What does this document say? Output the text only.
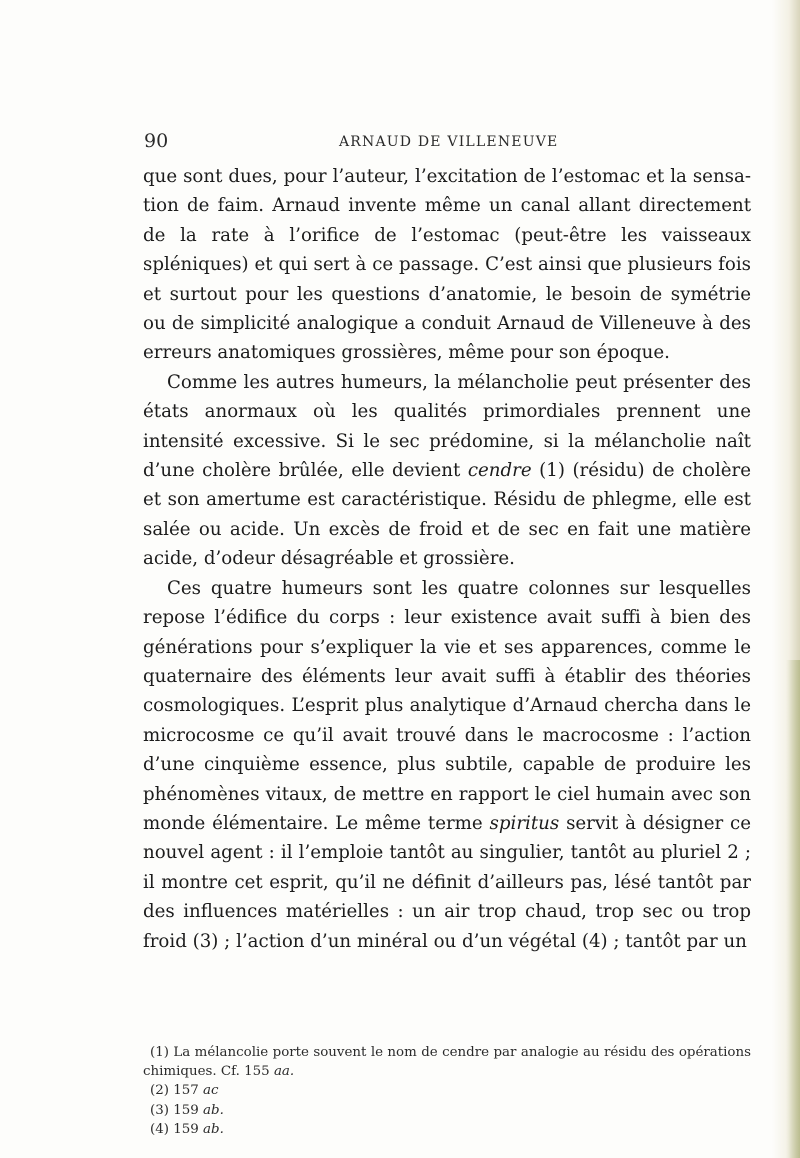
90	ARNAUD DE VILLENEUVE

que sont dues, pour l’auteur, l’excitation de l’estomac et la sensation de faim. Arnaud invente même un canal allant directement de la rate à l’orifice de l’estomac (peut-être les vaisseaux spléniques) et qui sert à ce passage. C’est ainsi que plusieurs fois et surtout pour les questions d’anatomie, le besoin de symétrie ou de simplicité analogique a conduit Arnaud de Villeneuve à des erreurs anatomiques grossières, même pour son époque.

Comme les autres humeurs, la mélancholie peut présenter des états anormaux où les qualités primordiales prennent une intensité excessive. Si le sec prédomine, si la mélancholie naît d’une cholère brûlée, elle devient cendre (1) (résidu) de cholère et son amertume est caractéristique. Résidu de phlegme, elle est salée ou acide. Un excès de froid et de sec en fait une matière acide, d’odeur désagréable et grossière.

Ces quatre humeurs sont les quatre colonnes sur lesquelles repose l’édifice du corps : leur existence avait suffi à bien des générations pour s’expliquer la vie et ses apparences, comme le quaternaire des éléments leur avait suffi à établir des théories cosmologiques. L’esprit plus analytique d’Arnaud chercha dans le microcosme ce qu’il avait trouvé dans le macrocosme : l’action d’une cinquième essence, plus subtile, capable de produire les phénomènes vitaux, de mettre en rapport le ciel humain avec son monde élémentaire. Le même terme spiritus servit à désigner ce nouvel agent : il l’emploie tantôt au singulier, tantôt au pluriel 2 ; il montre cet esprit, qu’il ne définit d’ailleurs pas, lésé tantôt par des influences matérielles : un air trop chaud, trop sec ou trop froid (3) ; l’action d’un minéral ou d’un végétal (4) ; tantôt par un

(1) La mélancolie porte souvent le nom de cendre par analogie au résidu des opérations chimiques. Cf. 155 aa.

(2) 157 ac

(3) 159 ab.

(4) 159 ab.
